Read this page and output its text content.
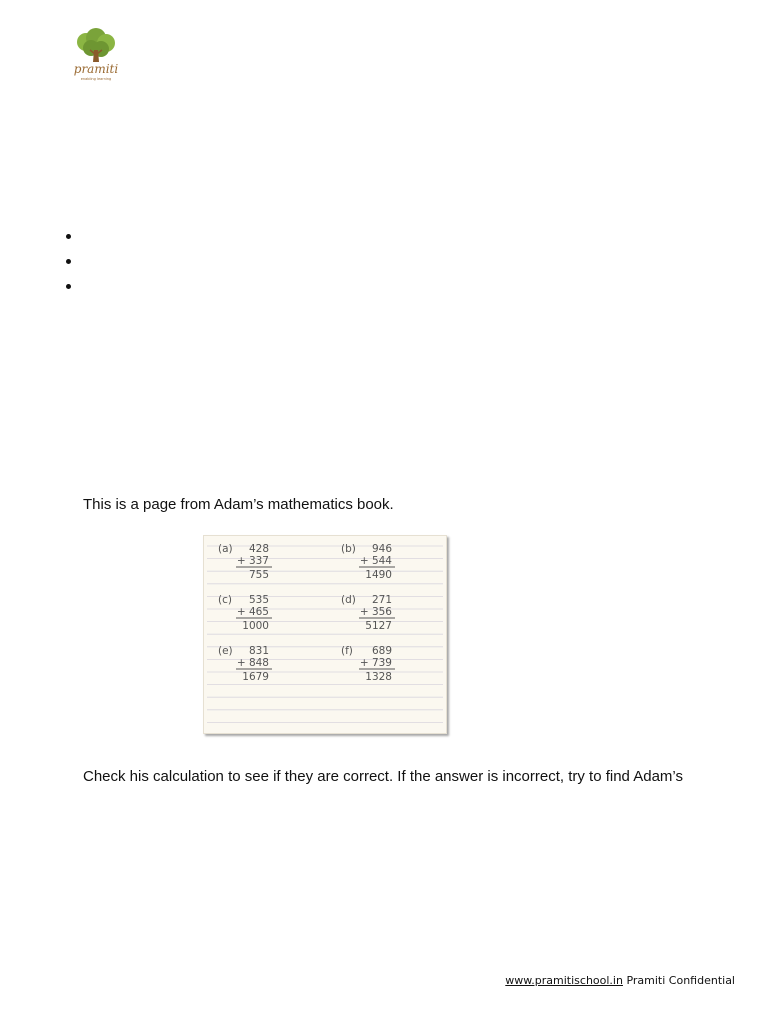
pramiti
enabling learning

This is a page from Adam’s mathematics book.

(a) 428
+ 337
755
(b) 946
+ 544
1490
(c) 535
+ 465
1000
(d) 271
+ 356
5127
(e) 831
+ 848
1679
(f) 689
+ 739
1328

Check his calculation to see if they are correct. If the answer is incorrect, try to find Adam’s

www.pramitischool.in Pramiti Confidential
